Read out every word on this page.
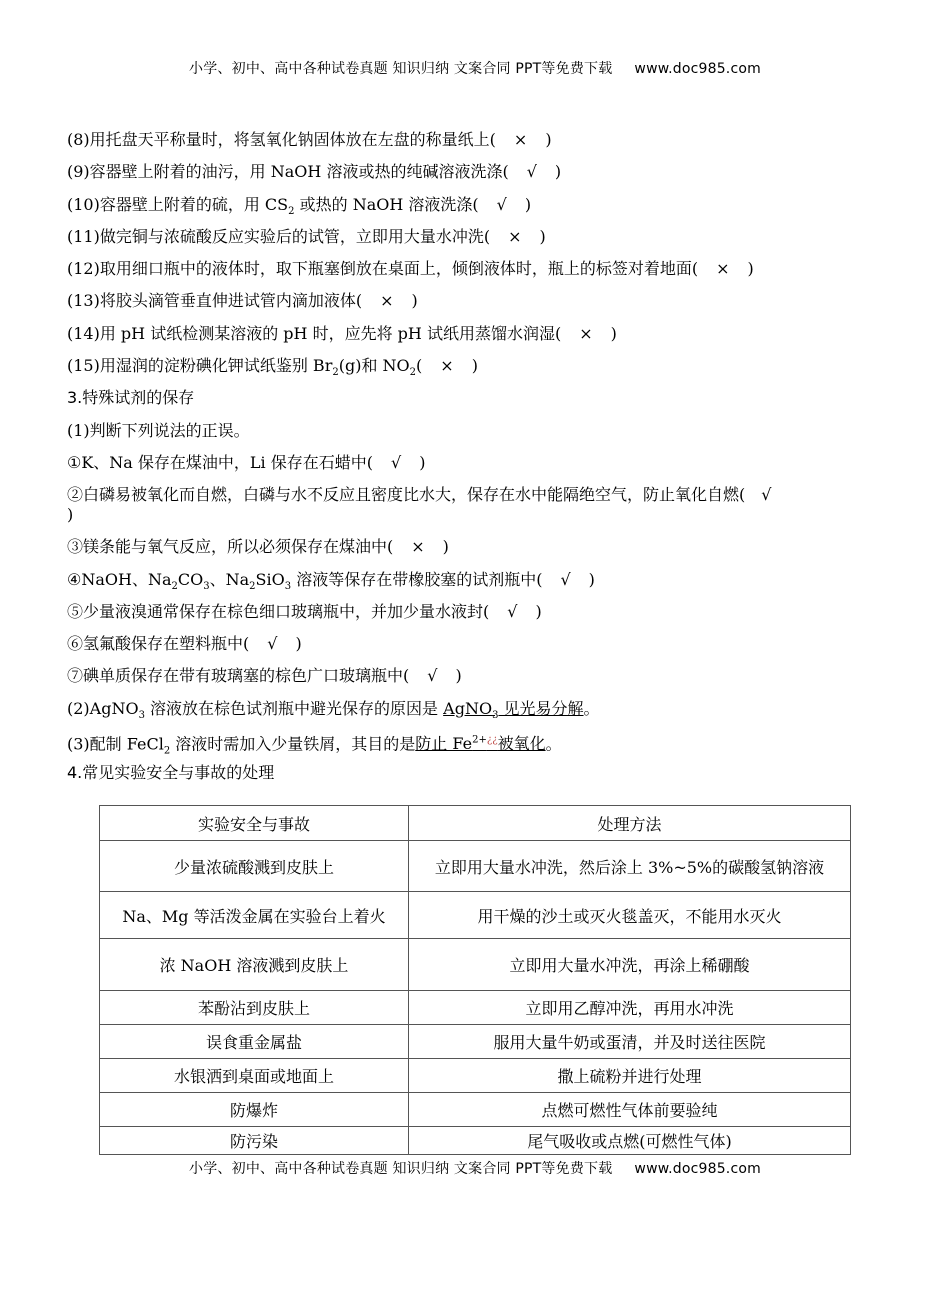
小学、初中、高中各种试卷真题 知识归纳 文案合同 PPT等免费下载 www.doc985.com
(8)用托盘天平称量时，将氢氧化钠固体放在左盘的称量纸上( × )
(9)容器壁上附着的油污，用 NaOH 溶液或热的纯碱溶液洗涤( √ )
(10)容器壁上附着的硫，用 $CS_2$ 或热的 NaOH 溶液洗涤( √ )
(11)做完铜与浓硫酸反应实验后的试管，立即用大量水冲洗( × )
(12)取用细口瓶中的液体时，取下瓶塞倒放在桌面上，倾倒液体时，瓶上的标签对着地面( × )
(13)将胶头滴管垂直伸进试管内滴加液体( × )
(14)用 pH 试纸检测某溶液的 pH 时，应先将 pH 试纸用蒸馏水润湿( × )
(15)用湿润的淀粉碘化钾试纸鉴别 $Br_2(g)$和 $NO_2$( × )
3.特殊试剂的保存
(1)判断下列说法的正误。
①K、Na 保存在煤油中，Li 保存在石蜡中( √ )
②白磷易被氧化而自燃，白磷与水不反应且密度比水大，保存在水中能隔绝空气，防止氧化自燃( √
)
③镁条能与氧气反应，所以必须保存在煤油中( × )
④NaOH、$Na_2CO_3$、$Na_2SiO_3$ 溶液等保存在带橡胶塞的试剂瓶中( √ )
⑤少量液溴通常保存在棕色细口玻璃瓶中，并加少量水液封( √ )
⑥氢氟酸保存在塑料瓶中( √ )
⑦碘单质保存在带有玻璃塞的棕色广口玻璃瓶中( √ )
(2)AgNO$_3$ 溶液放在棕色试剂瓶中避光保存的原因是 AgNO$_3$ 见光易分解。
(3)配制 FeCl$_2$ 溶液时需加入少量铁屑，其目的是防止 $Fe^{2+¿¿}$被氧化。
4.常见实验安全与事故的处理
实验安全与事故	处理方法
少量浓硫酸溅到皮肤上	立即用大量水冲洗，然后涂上 3%~5%的碳酸氢钠溶液
Na、Mg 等活泼金属在实验台上着火	用干燥的沙土或灭火毯盖灭，不能用水灭火
浓 NaOH 溶液溅到皮肤上	立即用大量水冲洗，再涂上稀硼酸
苯酚沾到皮肤上	立即用乙醇冲洗，再用水冲洗
误食重金属盐	服用大量牛奶或蛋清，并及时送往医院
水银洒到桌面或地面上	撒上硫粉并进行处理
防爆炸	点燃可燃性气体前要验纯
防污染	尾气吸收或点燃(可燃性气体)
小学、初中、高中各种试卷真题 知识归纳 文案合同 PPT等免费下载 www.doc985.com
